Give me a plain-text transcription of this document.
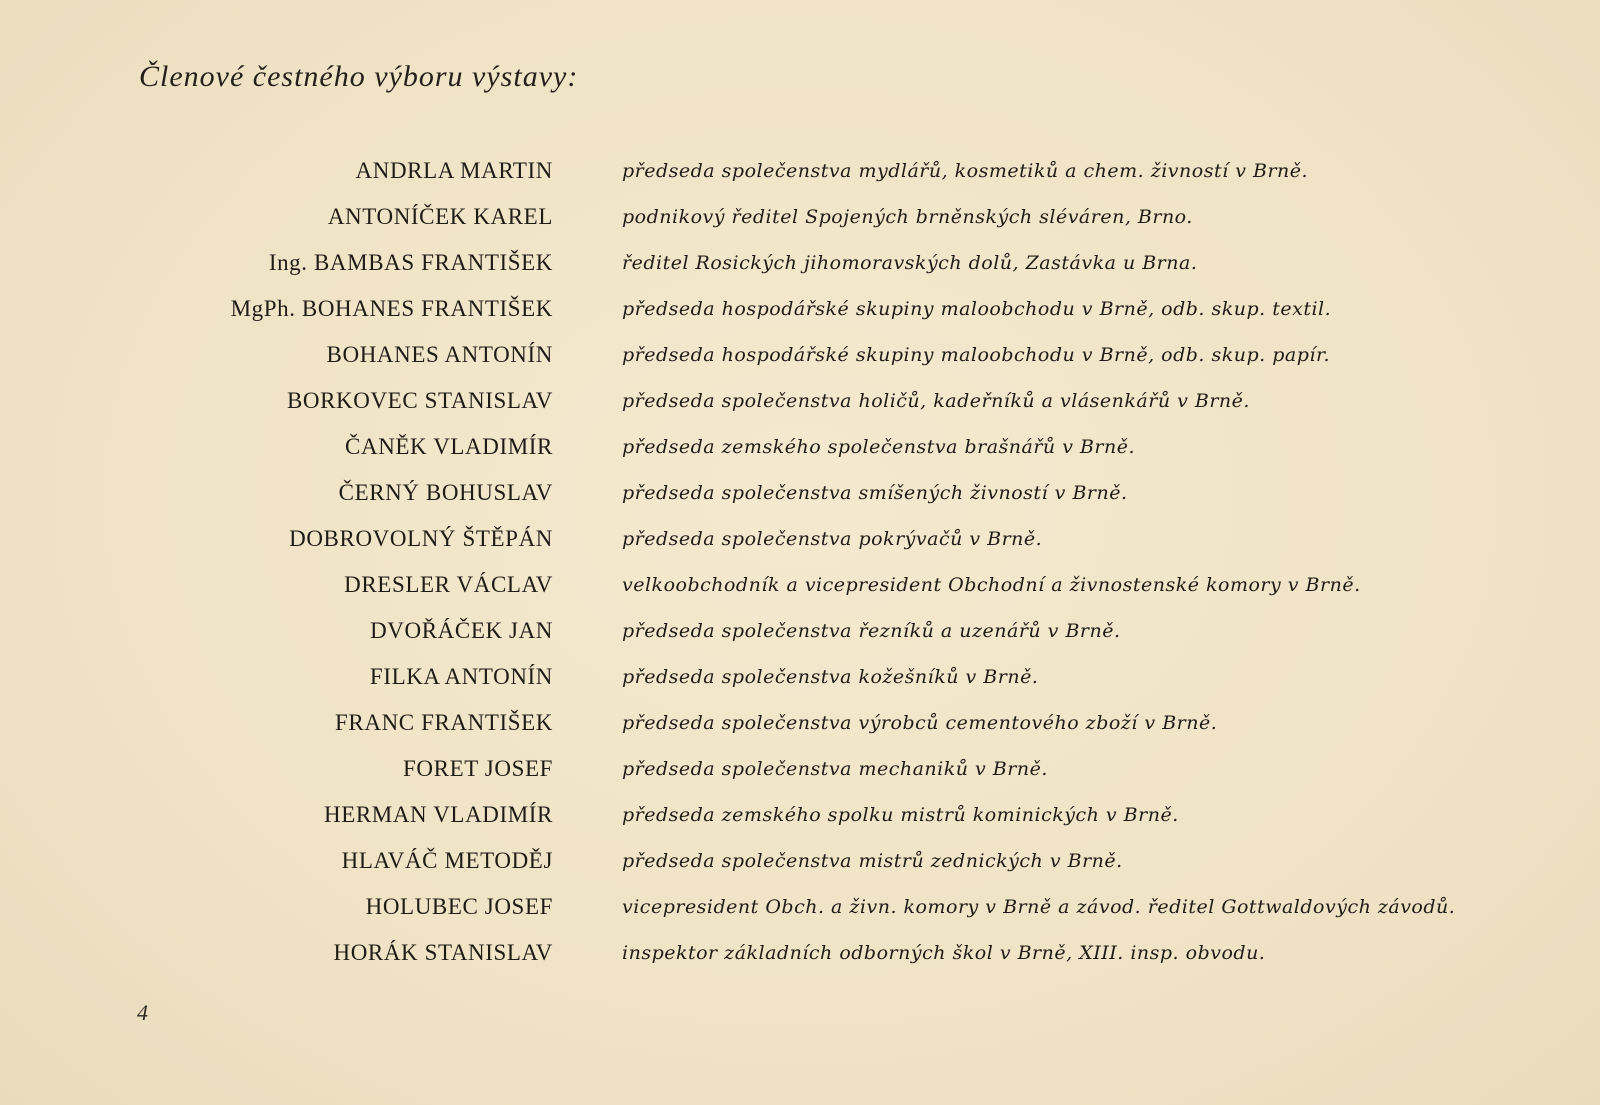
Členové čestného výboru výstavy:
ANDRLA MARTIN	předseda společenstva mydlářů, kosmetiků a chem. živností v Brně.
ANTONÍČEK KAREL	podnikový ředitel Spojených brněnských sléváren, Brno.
Ing. BAMBAS FRANTIŠEK	ředitel Rosických jihomoravských dolů, Zastávka u Brna.
MgPh. BOHANES FRANTIŠEK	předseda hospodářské skupiny maloobchodu v Brně, odb. skup. textil.
BOHANES ANTONÍN	předseda hospodářské skupiny maloobchodu v Brně, odb. skup. papír.
BORKOVEC STANISLAV	předseda společenstva holičů, kadeřníků a vlásenkářů v Brně.
ČANĚK VLADIMÍR	předseda zemského společenstva brašnářů v Brně.
ČERNÝ BOHUSLAV	předseda společenstva smíšených živností v Brně.
DOBROVOLNÝ ŠTĚPÁN	předseda společenstva pokrývačů v Brně.
DRESLER VÁCLAV	velkoobchodník a vicepresident Obchodní a živnostenské komory v Brně.
DVOŘÁČEK JAN	předseda společenstva řezníků a uzenářů v Brně.
FILKA ANTONÍN	předseda společenstva kožešníků v Brně.
FRANC FRANTIŠEK	předseda společenstva výrobců cementového zboží v Brně.
FORET JOSEF	předseda společenstva mechaniků v Brně.
HERMAN VLADIMÍR	předseda zemského spolku mistrů kominických v Brně.
HLAVÁČ METODĚJ	předseda společenstva mistrů zednických v Brně.
HOLUBEC JOSEF	vicepresident Obch. a živn. komory v Brně a závod. ředitel Gottwaldových závodů.
HORÁK STANISLAV	inspektor základních odborných škol v Brně, XIII. insp. obvodu.
4
